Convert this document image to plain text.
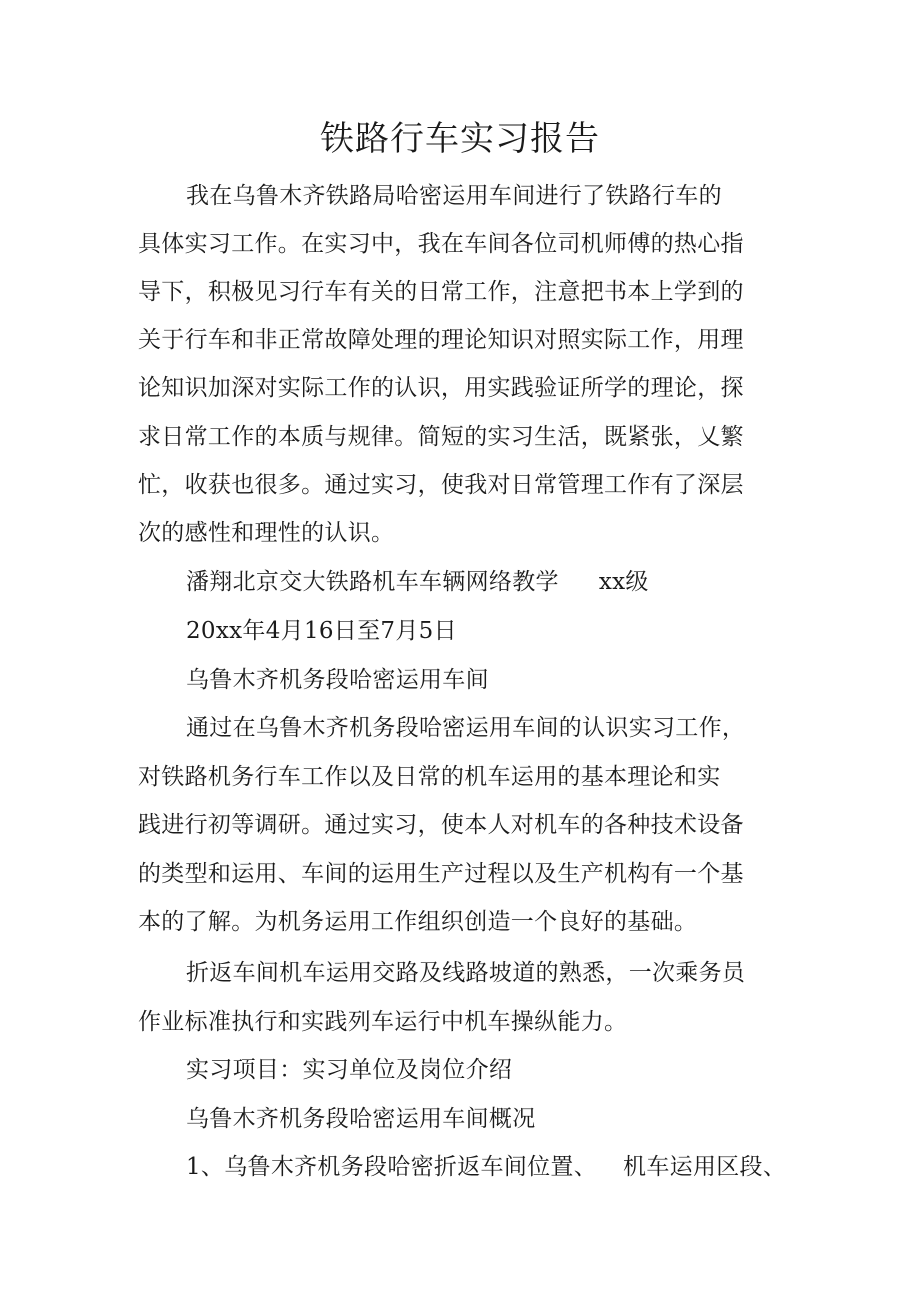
铁路行车实习报告

我在乌鲁木齐铁路局哈密运用车间进行了铁路行车的

具体实习工作。在实习中，我在车间各位司机师傅的热心指

导下，积极见习行车有关的日常工作，注意把书本上学到的

关于行车和非正常故障处理的理论知识对照实际工作，用理

论知识加深对实际工作的认识，用实践验证所学的理论，探

求日常工作的本质与规律。简短的实习生活，既紧张，乂繁

忙，收获也很多。通过实习，使我对日常管理工作有了深层

次的感性和理性的认识。

潘翔北京交大铁路机车车辆网络教学 xx级

20xx年4月16日至7月5日

乌鲁木齐机务段哈密运用车间

通过在乌鲁木齐机务段哈密运用车间的认识实习工作，

对铁路机务行车工作以及日常的机车运用的基本理论和实

践进行初等调研。通过实习，使本人对机车的各种技术设备

的类型和运用、车间的运用生产过程以及生产机构有一个基

本的了解。为机务运用工作组织创造一个良好的基础。

折返车间机车运用交路及线路坡道的熟悉，一次乘务员

作业标准执行和实践列车运行中机车操纵能力。

实习项目：实习单位及岗位介绍

乌鲁木齐机务段哈密运用车间概况

1、乌鲁木齐机务段哈密折返车间位置、 机车运用区段、
